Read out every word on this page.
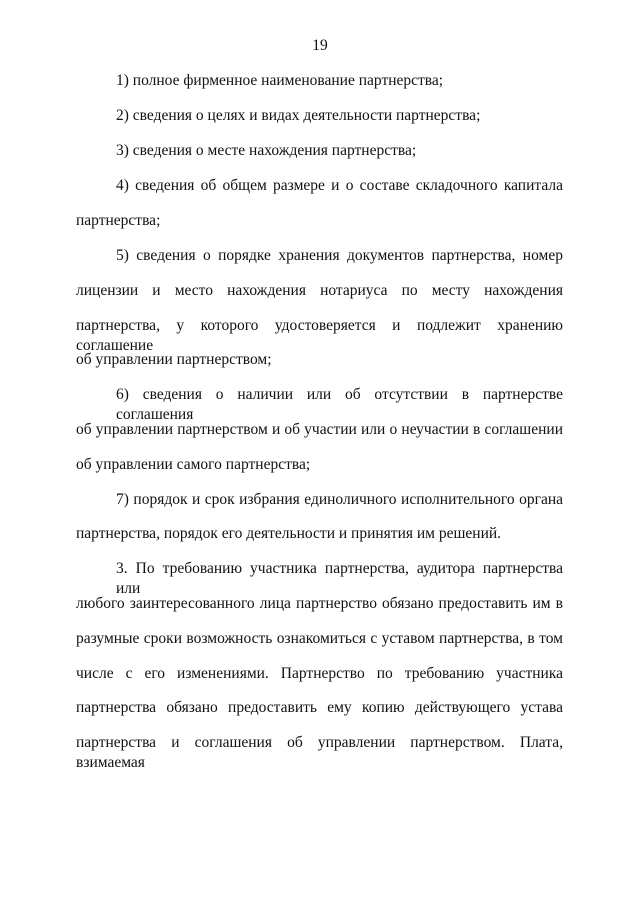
19
1) полное фирменное наименование партнерства;
2) сведения о целях и видах деятельности партнерства;
3) сведения о месте нахождения партнерства;
4) сведения об общем размере и о составе складочного капитала
партнерства;
5) сведения о порядке хранения документов партнерства, номер
лицензии и место нахождения нотариуса по месту нахождения
партнерства, у которого удостоверяется и подлежит хранению соглашение
об управлении партнерством;
6) сведения о наличии или об отсутствии в партнерстве соглашения
об управлении партнерством и об участии или о неучастии в соглашении
об управлении самого партнерства;
7) порядок и срок избрания единоличного исполнительного органа
партнерства, порядок его деятельности и принятия им решений.
3. По требованию участника партнерства, аудитора партнерства или
любого заинтересованного лица партнерство обязано предоставить им в
разумные сроки возможность ознакомиться с уставом партнерства, в том
числе с его изменениями. Партнерство по требованию участника
партнерства обязано предоставить ему копию действующего устава
партнерства и соглашения об управлении партнерством. Плата, взимаемая
